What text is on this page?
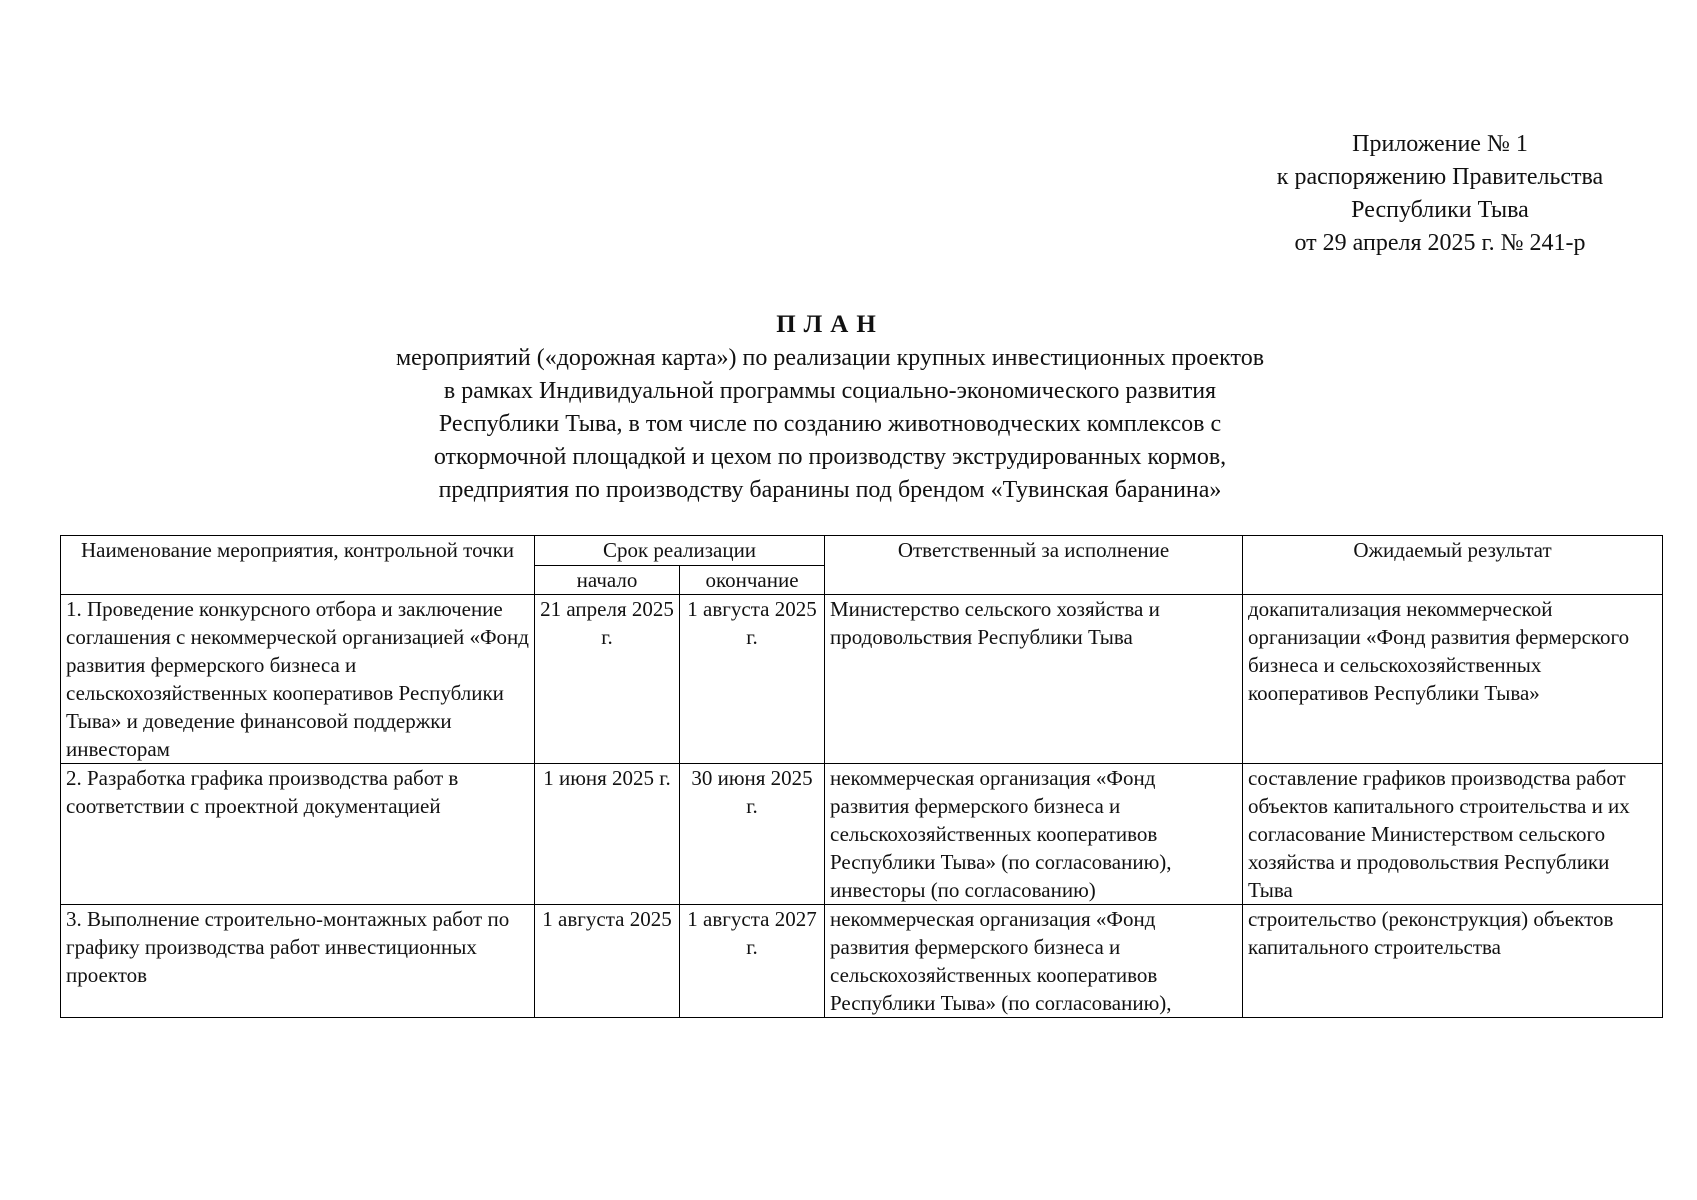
Приложение № 1
к распоряжению Правительства
Республики Тыва
от 29 апреля 2025 г. № 241-р
ПЛАН
мероприятий («дорожная карта») по реализации крупных инвестиционных проектов
в рамках Индивидуальной программы социально-экономического развития
Республики Тыва, в том числе по созданию животноводческих комплексов с
откормочной площадкой и цехом по производству экструдированных кормов,
предприятия по производству баранины под брендом «Тувинская баранина»
Наименование мероприятия, контрольной точки	Срок реализации		Ответственный за исполнение	Ожидаемый результат
	начало	окончание		
1. Проведение конкурсного отбора и заключение соглашения с некоммерческой организацией «Фонд развития фермерского бизнеса и сельскохозяйственных кооперативов Республики Тыва» и доведение финансовой поддержки инвесторам	21 апреля 2025 г.	1 августа 2025 г.	Министерство сельского хозяйства и продовольствия Республики Тыва	докапитализация некоммерческой организации «Фонд развития фермерского бизнеса и сельскохозяйственных кооперативов Республики Тыва»
2. Разработка графика производства работ в соответствии с проектной документацией	1 июня 2025 г.	30 июня 2025 г.	некоммерческая организация «Фонд развития фермерского бизнеса и сельскохозяйственных кооперативов Республики Тыва» (по согласованию), инвесторы (по согласованию)	составление графиков производства работ объектов капитального строительства и их согласование Министерством сельского хозяйства и продовольствия Республики Тыва
3. Выполнение строительно-монтажных работ по графику производства работ инвестиционных проектов	1 августа 2025	1 августа 2027 г.	некоммерческая организация «Фонд развития фермерского бизнеса и сельскохозяйственных кооперативов Республики Тыва» (по согласованию),	строительство (реконструкция) объектов капитального строительства
